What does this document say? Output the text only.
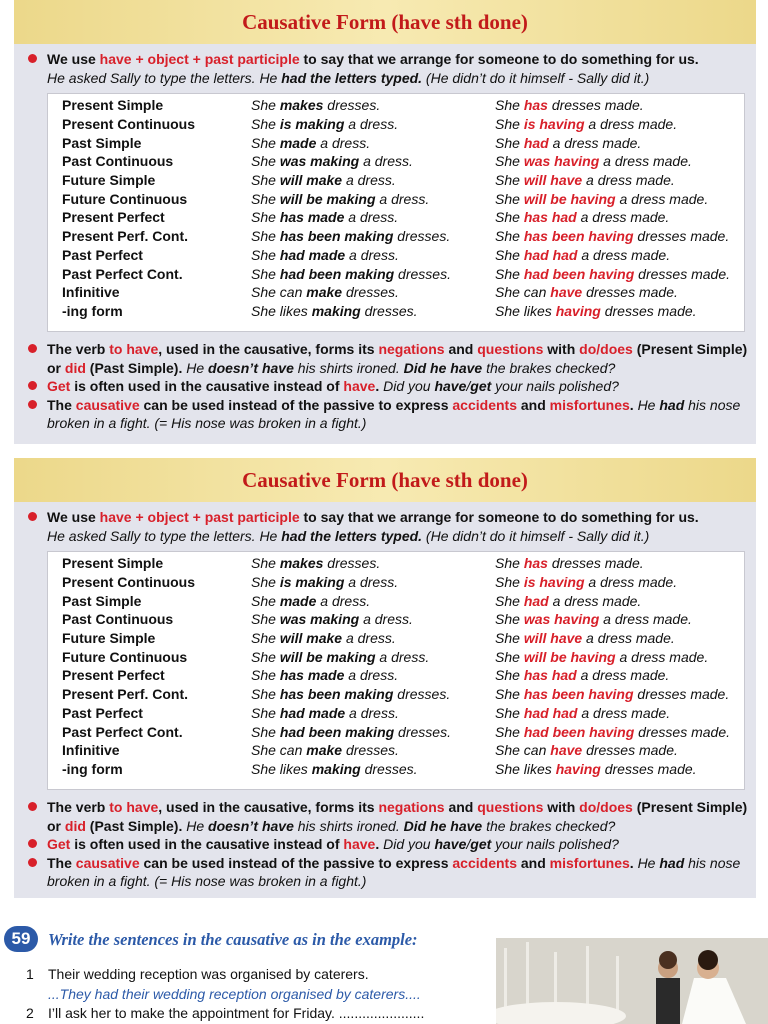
Causative Form (have sth done)
We use have + object + past participle to say that we arrange for someone to do something for us.
He asked Sally to type the letters. He had the letters typed. (He didn’t do it himself - Sally did it.)
Present Simple	She makes dresses.	She has dresses made.
Present Continuous	She is making a dress.	She is having a dress made.
Past Simple	She made a dress.	She had a dress made.
Past Continuous	She was making a dress.	She was having a dress made.
Future Simple	She will make a dress.	She will have a dress made.
Future Continuous	She will be making a dress.	She will be having a dress made.
Present Perfect	She has made a dress.	She has had a dress made.
Present Perf. Cont.	She has been making dresses.	She has been having dresses made.
Past Perfect	She had made a dress.	She had had a dress made.
Past Perfect Cont.	She had been making dresses.	She had been having dresses made.
Infinitive	She can make dresses.	She can have dresses made.
-ing form	She likes making dresses.	She likes having dresses made.
The verb to have, used in the causative, forms its negations and questions with do/does (Present Simple) or did (Past Simple). He doesn’t have his shirts ironed. Did he have the brakes checked?
Get is often used in the causative instead of have. Did you have/get your nails polished?
The causative can be used instead of the passive to express accidents and misfortunes. He had his nose broken in a fight. (= His nose was broken in a fight.)
Causative Form (have sth done)
We use have + object + past participle to say that we arrange for someone to do something for us.
He asked Sally to type the letters. He had the letters typed. (He didn’t do it himself - Sally did it.)
Present Simple	She makes dresses.	She has dresses made.
Present Continuous	She is making a dress.	She is having a dress made.
Past Simple	She made a dress.	She had a dress made.
Past Continuous	She was making a dress.	She was having a dress made.
Future Simple	She will make a dress.	She will have a dress made.
Future Continuous	She will be making a dress.	She will be having a dress made.
Present Perfect	She has made a dress.	She has had a dress made.
Present Perf. Cont.	She has been making dresses.	She has been having dresses made.
Past Perfect	She had made a dress.	She had had a dress made.
Past Perfect Cont.	She had been making dresses.	She had been having dresses made.
Infinitive	She can make dresses.	She can have dresses made.
-ing form	She likes making dresses.	She likes having dresses made.
The verb to have, used in the causative, forms its negations and questions with do/does (Present Simple) or did (Past Simple). He doesn’t have his shirts ironed. Did he have the brakes checked?
Get is often used in the causative instead of have. Did you have/get your nails polished?
The causative can be used instead of the passive to express accidents and misfortunes. He had his nose broken in a fight. (= His nose was broken in a fight.)
59	Write the sentences in the causative as in the example:
1 Their wedding reception was organised by caterers.
...They had their wedding reception organised by caterers....
2 I’ll ask her to make the appointment for Friday. ......................
